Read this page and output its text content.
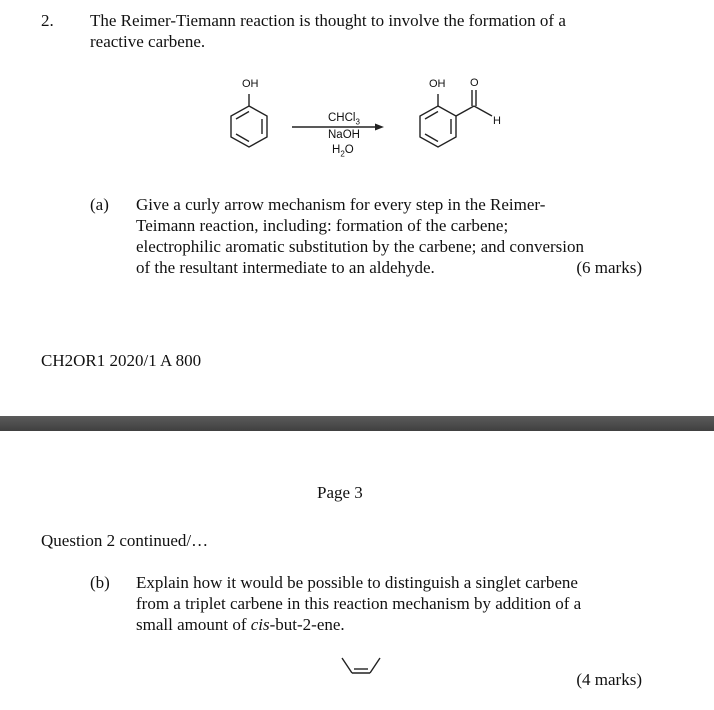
2. The Reimer-Tiemann reaction is thought to involve the formation of a
reactive carbene.
OH	OH O
H
CHCl$_3$
NaOH
$H_2O$
(a) Give a curly arrow mechanism for every step in the Reimer-
Teimann reaction, including: formation of the carbene;
electrophilic aromatic substitution by the carbene; and conversion
of the resultant intermediate to an aldehyde.	(6 marks)
CH2OR1 2020/1 A 800
Page 3
Question 2 continued/…
(b) Explain how it would be possible to distinguish a singlet carbene
from a triplet carbene in this reaction mechanism by addition of a
small amount of cis-but-2-ene.
(4 marks)
